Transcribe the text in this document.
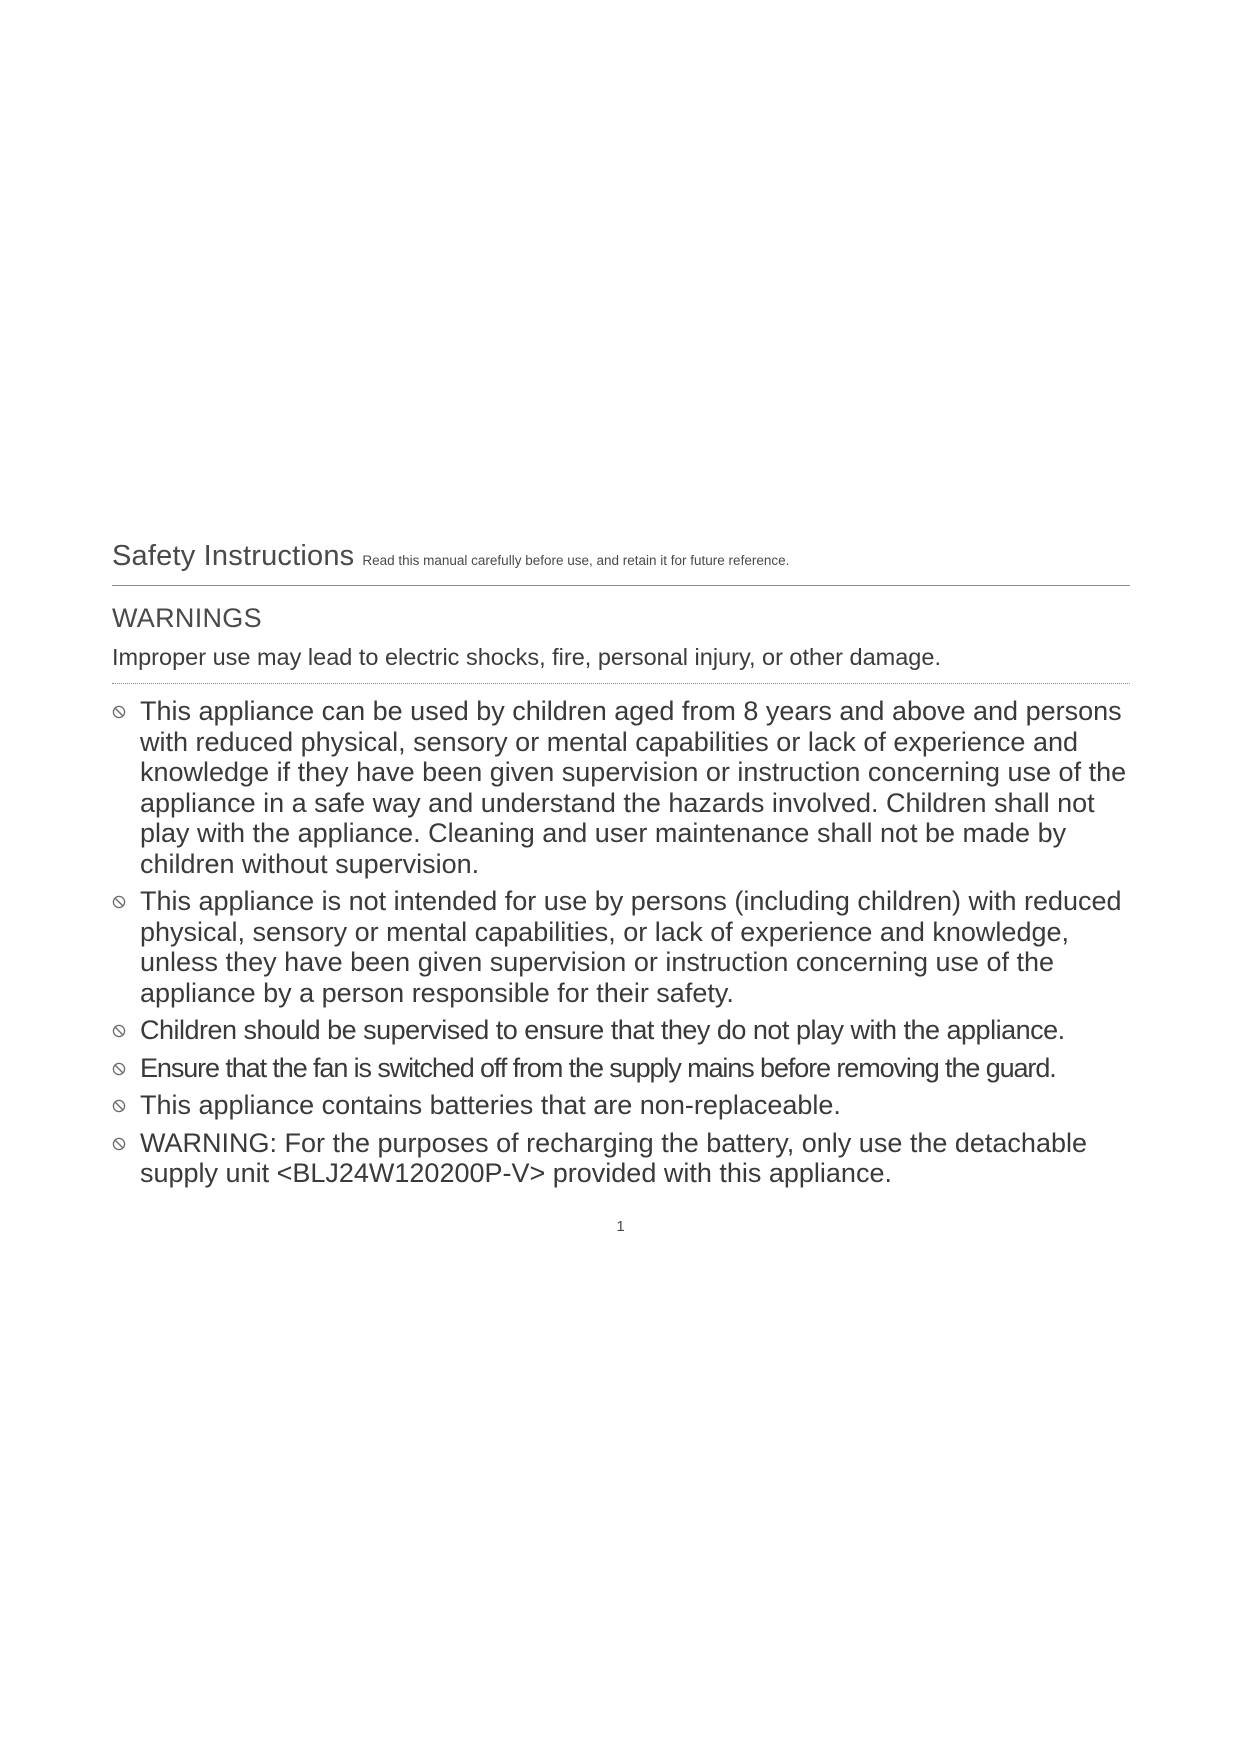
Safety Instructions Read this manual carefully before use, and retain it for future reference.
WARNINGS
Improper use may lead to electric shocks, fire, personal injury, or other damage.
This appliance can be used by children aged from 8 years and above and persons with reduced physical, sensory or mental capabilities or lack of experience and knowledge if they have been given supervision or instruction concerning use of the appliance in a safe way and understand the hazards involved. Children shall not play with the appliance. Cleaning and user maintenance shall not be made by children without supervision.
This appliance is not intended for use by persons (including children) with reduced physical, sensory or mental capabilities, or lack of experience and knowledge, unless they have been given supervision or instruction concerning use of the appliance by a person responsible for their safety.
Children should be supervised to ensure that they do not play with the appliance.
Ensure that the fan is switched off from the supply mains before removing the guard.
This appliance contains batteries that are non-replaceable.
WARNING: For the purposes of recharging the battery, only use the detachable supply unit <BLJ24W120200P-V> provided with this appliance.
1
